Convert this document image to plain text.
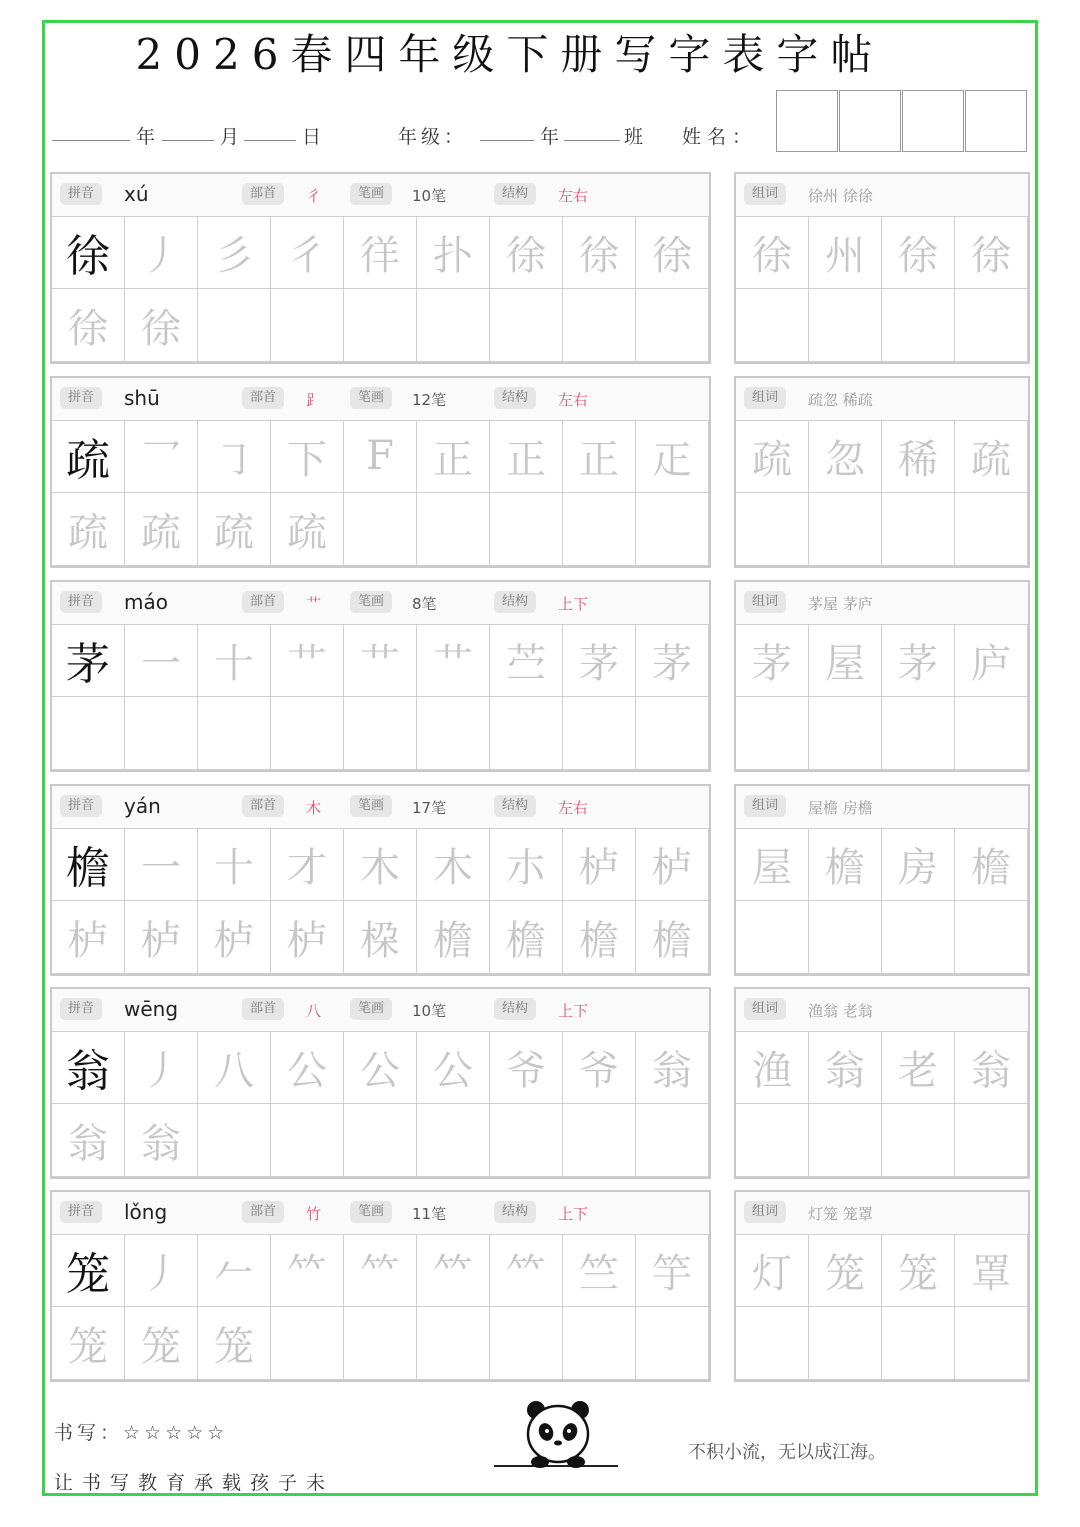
2026春四年级下册写字表字帖
年	月	日	年级：	年	班 姓名：
拼音	xú	部首	彳	笔画	10笔	结构	左右
徐 丿 彡 彳 徉 扑 徐 徐 徐
徐 徐
组词	徐州 徐徐
徐 州 徐 徐
拼音	shū	部首	⻊	笔画	12笔	结构	左右
疏 乛 ㇆ 下 F 正 正 正 𤴓
疏 疏 疏 疏
组词	疏忽 稀疏
疏 忽 稀 疏
拼音	máo	部首	艹	笔画	8笔	结构	上下
茅 一 十 艹 艹 艹 苎 茅 茅
组词	茅屋 茅庐
茅 屋 茅 庐
拼音	yán	部首	木	笔画	17笔	结构	左右
檐 一 十 才 木 木 朩 栌 栌
栌 栌 栌 栌 桗 檐 檐 檐 檐
组词	屋檐 房檐
屋 檐 房 檐
拼音	wēng	部首	八	笔画	10笔	结构	上下
翁 丿 八 公 公 公 爷 爷 翁
翁 翁
组词	渔翁 老翁
渔 翁 老 翁
拼音	lǒng	部首	竹	笔画	11笔	结构	上下
笼 丿 𠂉 𥫗 𥫗 𥫗 𥫗 竺 竽
笼 笼 笼
组词	灯笼 笼罩
灯 笼 笼 罩
书写：☆☆☆☆☆
让书写教育承载孩子未
不积小流，无以成江海。
